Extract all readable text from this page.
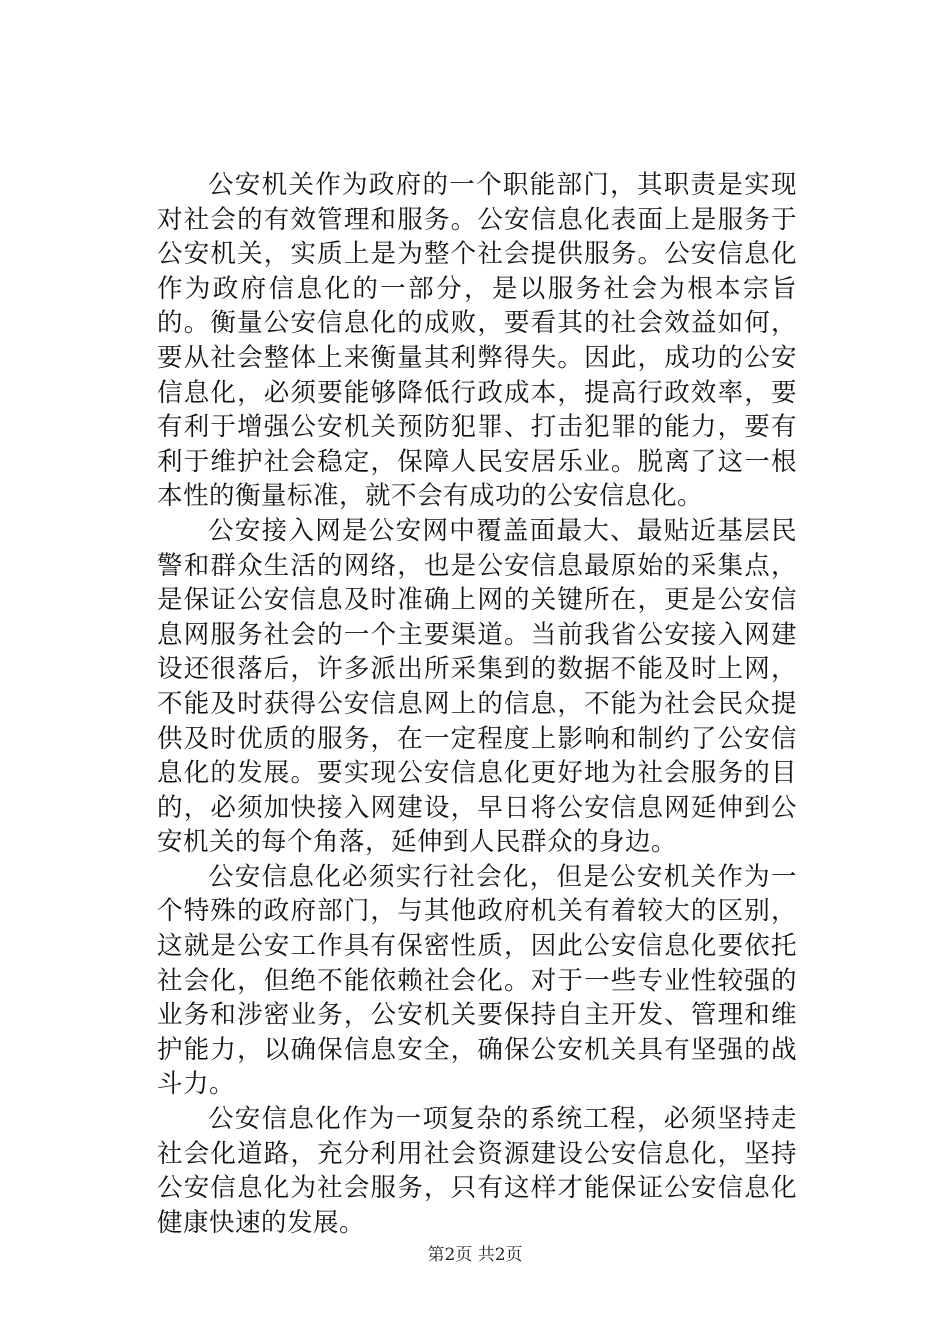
公安机关作为政府的一个职能部门，其职责是实现对社会的有效管理和服务。公安信息化表面上是服务于公安机关，实质上是为整个社会提供服务。公安信息化作为政府信息化的一部分，是以服务社会为根本宗旨的。衡量公安信息化的成败，要看其的社会效益如何，要从社会整体上来衡量其利弊得失。因此，成功的公安信息化，必须要能够降低行政成本，提高行政效率，要有利于增强公安机关预防犯罪、打击犯罪的能力，要有利于维护社会稳定，保障人民安居乐业。脱离了这一根本性的衡量标准，就不会有成功的公安信息化。

公安接入网是公安网中覆盖面最大、最贴近基层民警和群众生活的网络，也是公安信息最原始的采集点，是保证公安信息及时准确上网的关键所在，更是公安信息网服务社会的一个主要渠道。当前我省公安接入网建设还很落后，许多派出所采集到的数据不能及时上网，不能及时获得公安信息网上的信息，不能为社会民众提供及时优质的服务，在一定程度上影响和制约了公安信息化的发展。要实现公安信息化更好地为社会服务的目的，必须加快接入网建设，早日将公安信息网延伸到公安机关的每个角落，延伸到人民群众的身边。

公安信息化必须实行社会化，但是公安机关作为一个特殊的政府部门，与其他政府机关有着较大的区别，这就是公安工作具有保密性质，因此公安信息化要依托社会化，但绝不能依赖社会化。对于一些专业性较强的业务和涉密业务，公安机关要保持自主开发、管理和维护能力，以确保信息安全，确保公安机关具有坚强的战斗力。

公安信息化作为一项复杂的系统工程，必须坚持走社会化道路，充分利用社会资源建设公安信息化，坚持公安信息化为社会服务，只有这样才能保证公安信息化健康快速的发展。

第2页 共2页
